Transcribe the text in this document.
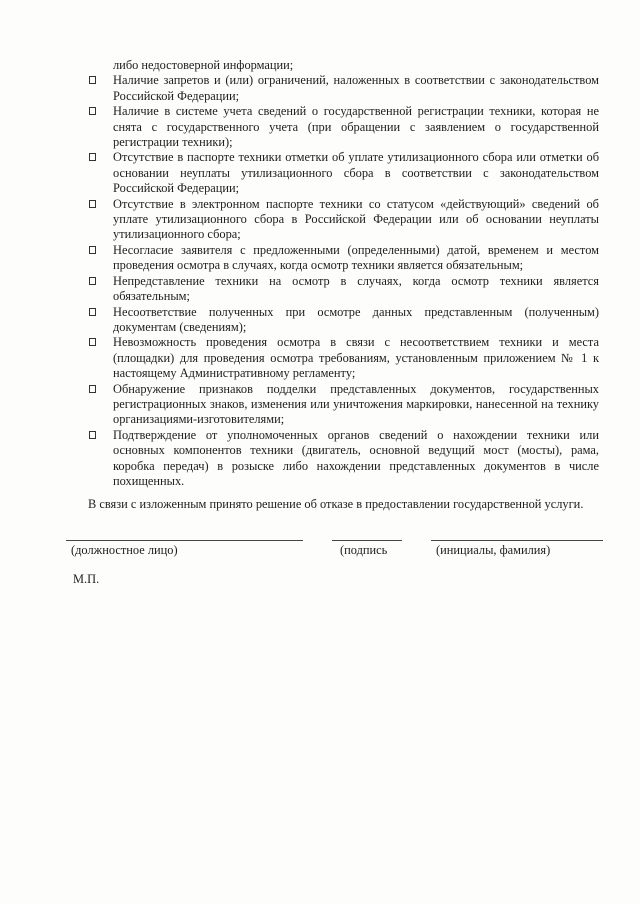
либо недостоверной информации;
Наличие запретов и (или) ограничений, наложенных в соответствии с законодательством Российской Федерации;
Наличие в системе учета сведений о государственной регистрации техники, которая не снята с государственного учета (при обращении с заявлением о государственной регистрации техники);
Отсутствие в паспорте техники отметки об уплате утилизационного сбора или отметки об основании неуплаты утилизационного сбора в соответствии с законодательством Российской Федерации;
Отсутствие в электронном паспорте техники со статусом «действующий» сведений об уплате утилизационного сбора в Российской Федерации или об основании неуплаты утилизационного сбора;
Несогласие заявителя с предложенными (определенными) датой, временем и местом проведения осмотра в случаях, когда осмотр техники является обязательным;
Непредставление техники на осмотр в случаях, когда осмотр техники является обязательным;
Несоответствие полученных при осмотре данных представленным (полученным) документам (сведениям);
Невозможность проведения осмотра в связи с несоответствием техники и места (площадки) для проведения осмотра требованиям, установленным приложением № 1 к настоящему Административному регламенту;
Обнаружение признаков подделки представленных документов, государственных регистрационных знаков, изменения или уничтожения маркировки, нанесенной на технику организациями-изготовителями;
Подтверждение от уполномоченных органов сведений о нахождении техники или основных компонентов техники (двигатель, основной ведущий мост (мосты), рама, коробка передач) в розыске либо нахождении представленных документов в числе похищенных.

В связи с изложенным принято решение об отказе в предоставлении государственной услуги.

(должностное лицо)	(подпись	(инициалы, фамилия)
М.П.
